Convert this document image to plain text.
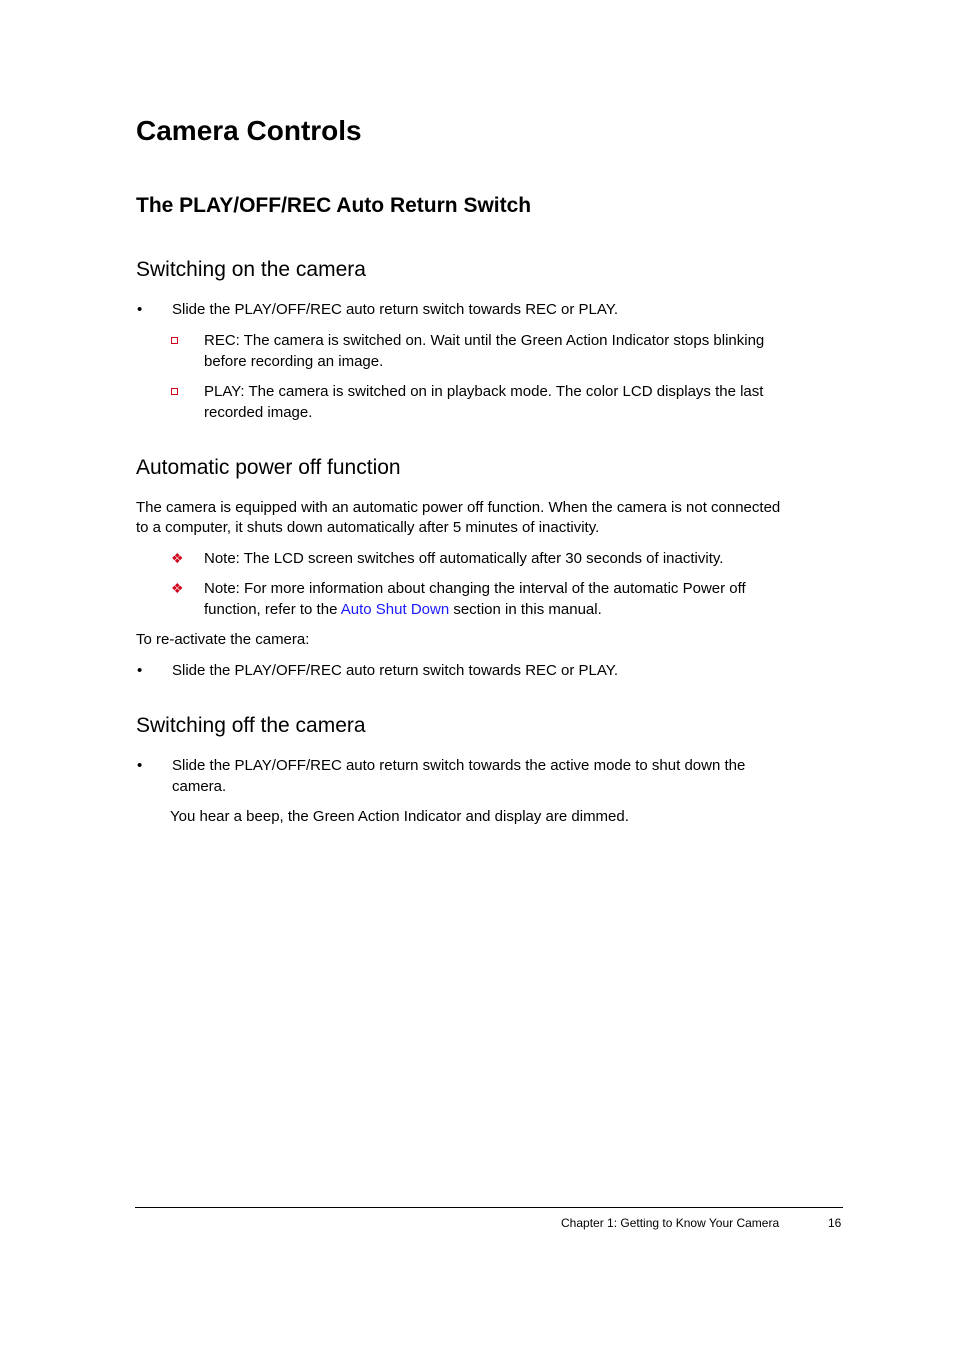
Camera Controls
The PLAY/OFF/REC Auto Return Switch
Switching on the camera
• Slide the PLAY/OFF/REC auto return switch towards REC or PLAY.
REC: The camera is switched on. Wait until the Green Action Indicator stops blinking
before recording an image.
PLAY: The camera is switched on in playback mode. The color LCD displays the last
recorded image.
Automatic power off function
The camera is equipped with an automatic power off function. When the camera is not connected
to a computer, it shuts down automatically after 5 minutes of inactivity.
❖ Note: The LCD screen switches off automatically after 30 seconds of inactivity.
❖ Note: For more information about changing the interval of the automatic Power off
function, refer to the Auto Shut Down section in this manual.
To re-activate the camera:
• Slide the PLAY/OFF/REC auto return switch towards REC or PLAY.
Switching off the camera
• Slide the PLAY/OFF/REC auto return switch towards the active mode to shut down the
camera.
You hear a beep, the Green Action Indicator and display are dimmed.
Chapter 1: Getting to Know Your Camera	16
